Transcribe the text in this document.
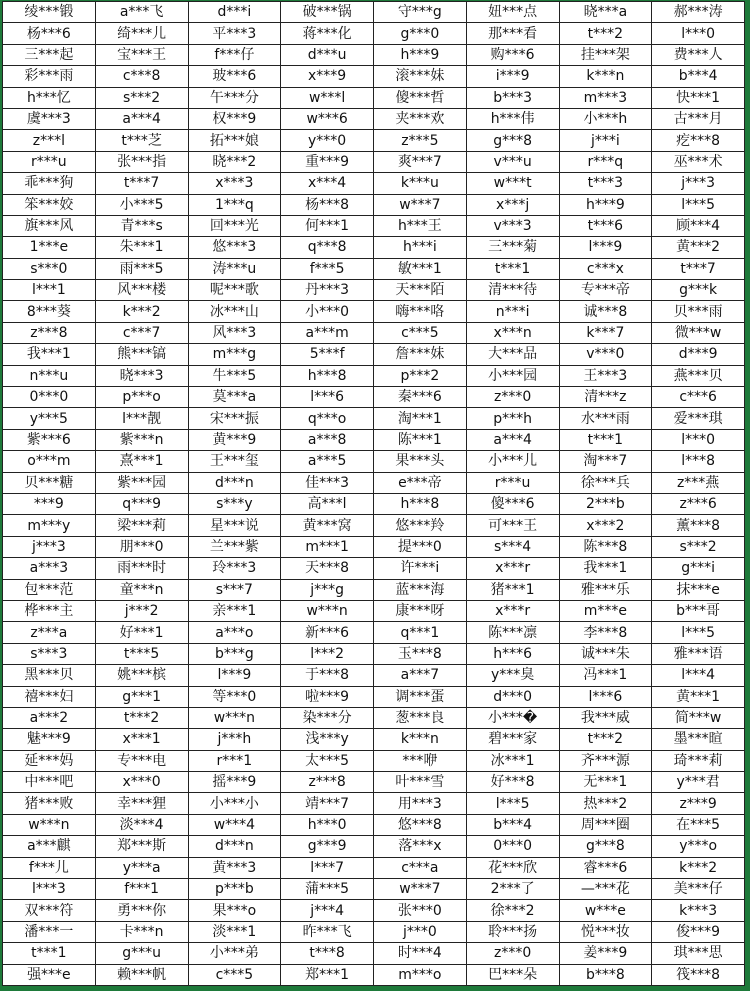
绫***锻	a***飞	d***i	破***锅	守***g	妞***点	晓***a	郝***涛
杨***6	绮***儿	平***3	蒋***化	g***0	那***看	t***2	l***0
三***起	宝***王	f***仔	d***u	h***9	购***6	挂***架	费***人
彩***雨	c***8	玻***6	x***9	滚***妹	i***9	k***n	b***4
h***忆	s***2	午***分	w***l	傻***哲	b***3	m***3	快***1
虞***3	a***4	权***9	w***6	夹***欢	h***伟	小***h	古***月
z***l	t***芝	拓***娘	y***0	z***5	g***8	j***i	疙***8
r***u	张***指	晓***2	重***9	爽***7	v***u	r***q	巫***术
乖***狗	t***7	x***3	x***4	k***u	w***t	t***3	j***3
笨***姣	小***5	1***q	杨***8	w***7	x***j	h***9	l***5
旗***风	青***s	回***光	何***1	h***王	v***3	t***6	顾***4
1***e	朱***1	悠***3	q***8	h***i	三***菊	l***9	黄***2
s***0	雨***5	涛***u	f***5	敏***1	t***1	c***x	t***7
l***1	风***楼	呢***歌	丹***3	天***陌	清***待	专***帝	g***k
8***葵	k***2	冰***山	小***0	嗨***咯	n***i	诚***8	贝***雨
z***8	c***7	风***3	a***m	c***5	x***n	k***7	微***w
我***1	熊***镐	m***g	5***f	詹***妹	大***品	v***0	d***9
n***u	晓***3	牛***5	h***8	p***2	小***园	王***3	燕***贝
0***0	p***o	莫***a	l***6	秦***6	z***0	清***z	c***6
y***5	l***靓	宋***振	q***o	淘***1	p***h	水***雨	爱***琪
紫***6	紫***n	黄***9	a***8	陈***1	a***4	t***1	l***0
o***m	熹***1	王***玺	a***5	果***头	小***儿	淘***7	l***8
贝***糖	紫***园	d***n	佳***3	e***帝	r***u	徐***兵	z***燕
***9	q***9	s***y	高***l	h***8	傻***6	2***b	z***6
m***y	梁***莉	星***说	黄***窝	悠***羚	可***王	x***2	薰***8
j***3	朋***0	兰***紫	m***1	提***0	s***4	陈***8	s***2
a***3	雨***时	玲***3	天***8	许***i	x***r	我***1	g***i
包***范	童***n	s***7	j***g	蓝***海	猪***1	雅***乐	抹***e
桦***主	j***2	亲***1	w***n	康***呀	x***r	m***e	b***哥
z***a	好***1	a***o	新***6	q***1	陈***凛	李***8	l***5
s***3	t***5	b***g	l***2	玉***8	h***6	诚***朱	雅***语
黑***贝	姚***槟	l***9	于***8	a***7	y***臭	冯***1	l***4
禧***妇	g***1	等***0	啦***9	调***蛋	d***0	l***6	黄***1
a***2	t***2	w***n	染***分	葱***良	小***�	我***威	简***w
魅***9	x***1	j***h	浅***y	k***n	碧***家	t***2	墨***暄
延***妈	专***电	r***1	太***5	***咿	冰***1	齐***源	琦***莉
中***吧	x***0	摇***9	z***8	叶***雪	好***8	无***1	y***君
猪***败	幸***狸	小***小	靖***7	用***3	l***5	热***2	z***9
w***n	淡***4	w***4	h***0	悠***8	b***4	周***圈	在***5
a***麒	郑***斯	d***n	g***9	落***x	0***0	g***8	y***o
f***儿	y***a	黄***3	l***7	c***a	花***欣	睿***6	k***2
l***3	f***1	p***b	蒲***5	w***7	2***了	—***花	美***仔
双***符	勇***你	果***o	j***4	张***0	徐***2	w***e	k***3
潘***一	卡***n	淡***1	昨***飞	j***0	聆***扬	悦***妆	俊***9
t***1	g***u	小***弟	t***8	时***4	z***0	姜***9	琪***思
强***e	赖***帆	c***5	郑***1	m***o	巴***朵	b***8	筏***8
